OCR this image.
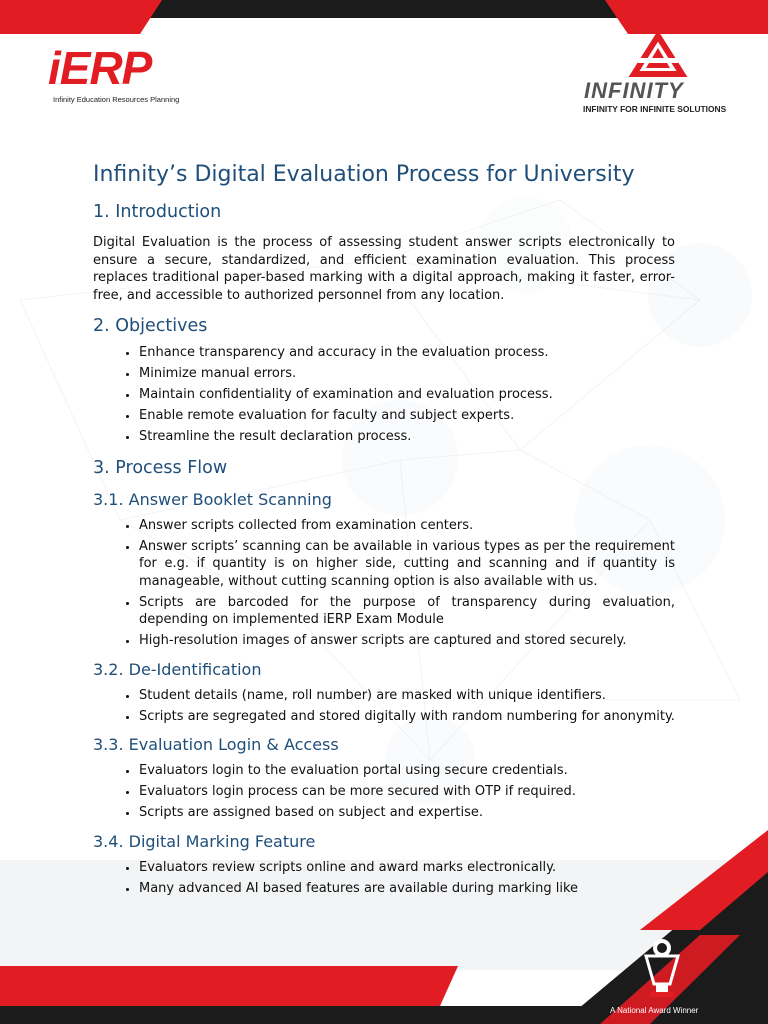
iERP
Infinity Education Resources Planning	INFINITY
INFINITY FOR INFINITE SOLUTIONS
Infinity’s Digital Evaluation Process for University
1. Introduction

Digital Evaluation is the process of assessing student answer scripts electronically to ensure a secure, standardized, and efficient examination evaluation. This process replaces traditional paper-based marking with a digital approach, making it faster, error-free, and accessible to authorized personnel from any location.

2. Objectives
• Enhance transparency and accuracy in the evaluation process.
• Minimize manual errors.
• Maintain confidentiality of examination and evaluation process.
• Enable remote evaluation for faculty and subject experts.
• Streamline the result declaration process.
3. Process Flow
3.1. Answer Booklet Scanning
• Answer scripts collected from examination centers.
• Answer scripts’ scanning can be available in various types as per the requirement for e.g. if quantity is on higher side, cutting and scanning and if quantity is manageable, without cutting scanning option is also available with us.
• Scripts are barcoded for the purpose of transparency during evaluation, depending on implemented iERP Exam Module
• High-resolution images of answer scripts are captured and stored securely.
3.2. De-Identification
• Student details (name, roll number) are masked with unique identifiers.
• Scripts are segregated and stored digitally with random numbering for anonymity.
3.3. Evaluation Login & Access
• Evaluators login to the evaluation portal using secure credentials.
• Evaluators login process can be more secured with OTP if required.
• Scripts are assigned based on subject and expertise.
3.4. Digital Marking Feature
• Evaluators review scripts online and award marks electronically.
• Many advanced AI based features are available during marking like
A National Award Winner
